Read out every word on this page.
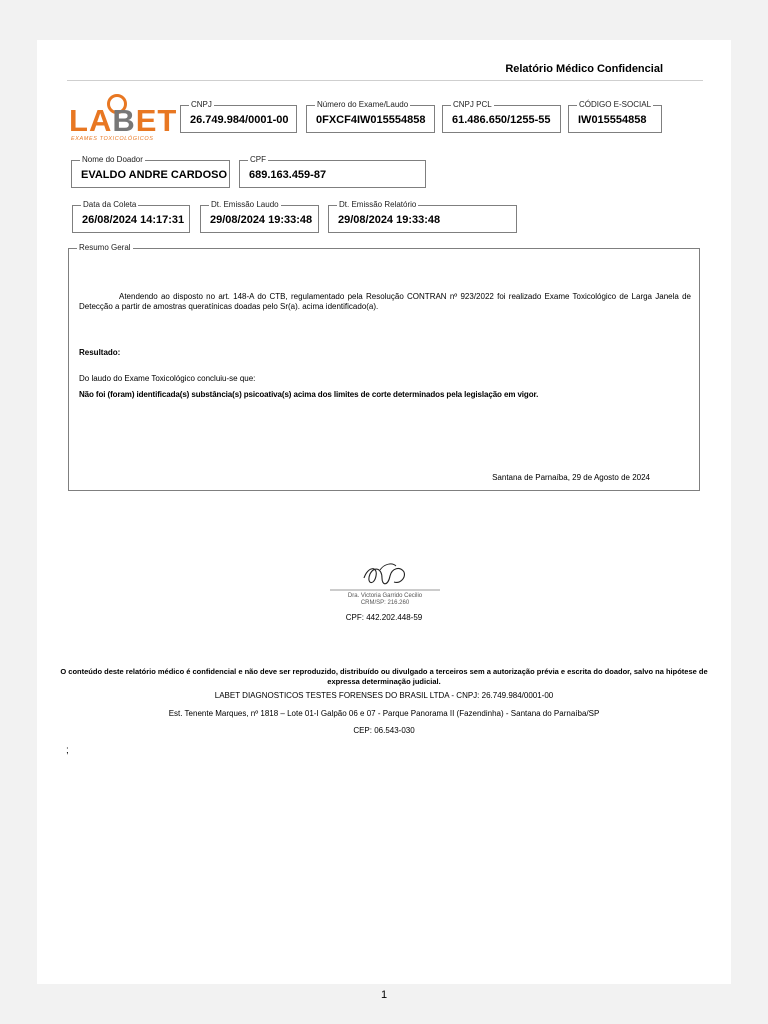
Relatório Médico Confidencial
LABET
EXAMES TOXICOLÓGICOS
CNPJ
26.749.984/0001-00
Número do Exame/Laudo
0FXCF4IW015554858
CNPJ PCL
61.486.650/1255-55
CÓDIGO E-SOCIAL
IW015554858
Nome do Doador
EVALDO ANDRE CARDOSO
CPF
689.163.459-87
Data da Coleta
26/08/2024 14:17:31
Dt. Emissão Laudo
29/08/2024 19:33:48
Dt. Emissão Relatório
29/08/2024 19:33:48
Resumo Geral

Atendendo ao disposto no art. 148-A do CTB, regulamentado pela Resolução CONTRAN nº 923/2022 foi realizado Exame Toxicológico de Larga Janela de Detecção a partir de amostras queratínicas doadas pelo Sr(a). acima identificado(a).

Resultado:
Do laudo do Exame Toxicológico concluiu-se que:
Não foi (foram) identificada(s) substância(s) psicoativa(s) acima dos limites de corte determinados pela legislação em vigor.
Santana de Parnaíba, 29 de Agosto de 2024
Dra. Victoria Garrido Cecilio
CRM/SP: 216.260
CPF: 442.202.448-59
O conteúdo deste relatório médico é confidencial e não deve ser reproduzido, distribuído ou divulgado a terceiros sem a autorização prévia e escrita do doador, salvo na hipótese de expressa determinação judicial.
LABET DIAGNOSTICOS TESTES FORENSES DO BRASIL LTDA - CNPJ: 26.749.984/0001-00
Est. Tenente Marques, nº 1818 – Lote 01-I Galpão 06 e 07 - Parque Panorama II (Fazendinha) - Santana do Parnaíba/SP
CEP: 06.543-030
;
1
